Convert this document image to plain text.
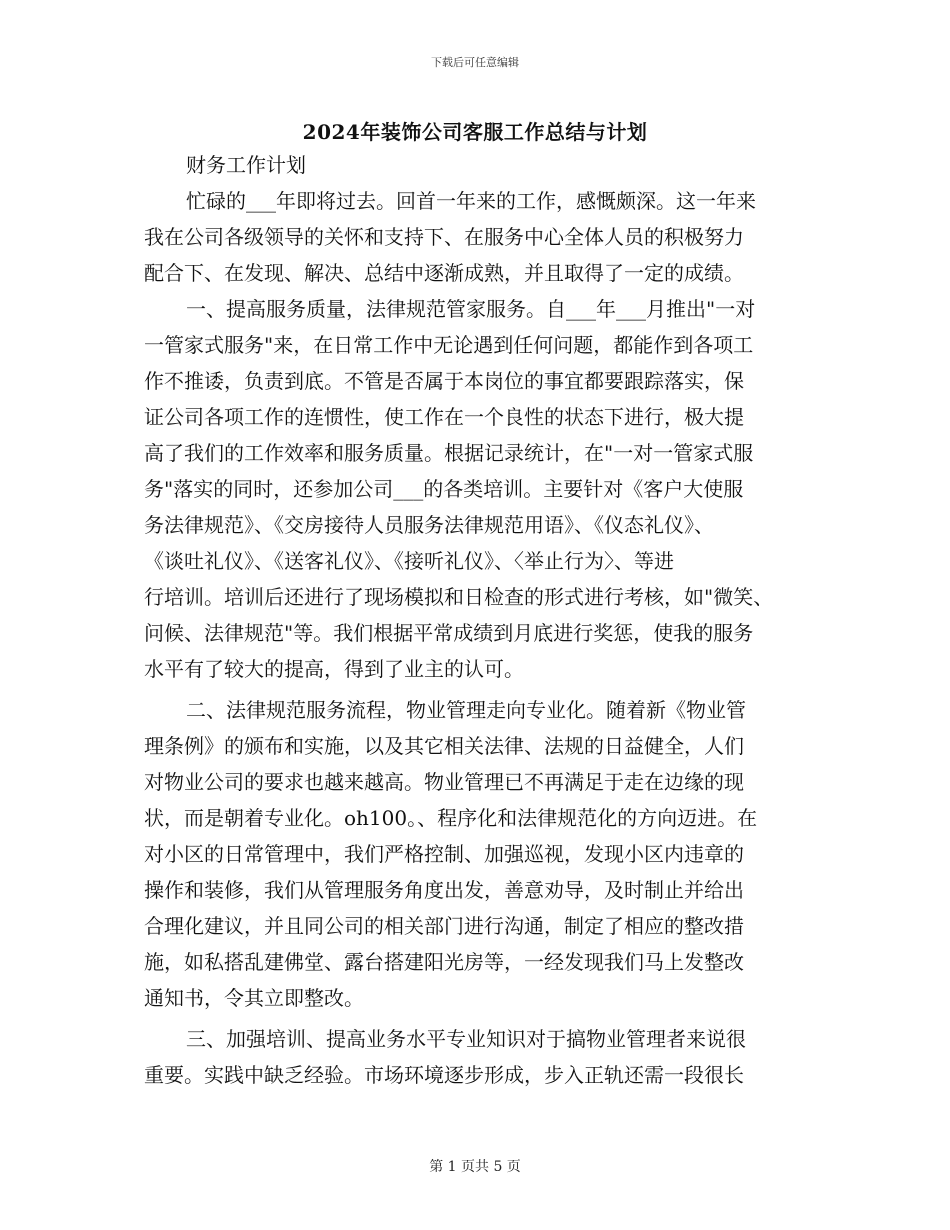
下载后可任意编辑
2024年装饰公司客服工作总结与计划
财务工作计划
忙碌的___年即将过去。回首一年来的工作，感慨颇深。这一年来
我在公司各级领导的关怀和支持下、在服务中心全体人员的积极努力
配合下、在发现、解决、总结中逐渐成熟，并且取得了一定的成绩。
一、提高服务质量，法律规范管家服务。自___年___月推出"一对
一管家式服务"来，在日常工作中无论遇到任何问题，都能作到各项工
作不推诿，负责到底。不管是否属于本岗位的事宜都要跟踪落实，保
证公司各项工作的连惯性，使工作在一个良性的状态下进行，极大提
高了我们的工作效率和服务质量。根据记录统计，在"一对一管家式服
务"落实的同时，还参加公司___的各类培训。主要针对《客户大使服
务法律规范》、《交房接待人员服务法律规范用语》、《仪态礼仪》、
《谈吐礼仪》、《送客礼仪》、《接听礼仪》、〈举止行为〉、等进
行培训。培训后还进行了现场模拟和日检查的形式进行考核，如"微笑、
问候、法律规范"等。我们根据平常成绩到月底进行奖惩，使我的服务
水平有了较大的提高，得到了业主的认可。
二、法律规范服务流程，物业管理走向专业化。随着新《物业管
理条例》的颁布和实施，以及其它相关法律、法规的日益健全，人们
对物业公司的要求也越来越高。物业管理已不再满足于走在边缘的现
状，而是朝着专业化。oh100。、程序化和法律规范化的方向迈进。在
对小区的日常管理中，我们严格控制、加强巡视，发现小区内违章的
操作和装修，我们从管理服务角度出发，善意劝导，及时制止并给出
合理化建议，并且同公司的相关部门进行沟通，制定了相应的整改措
施，如私搭乱建佛堂、露台搭建阳光房等，一经发现我们马上发整改
通知书，令其立即整改。
三、加强培训、提高业务水平专业知识对于搞物业管理者来说很
重要。实践中缺乏经验。市场环境逐步形成，步入正轨还需一段很长
第 1 页共 5 页
